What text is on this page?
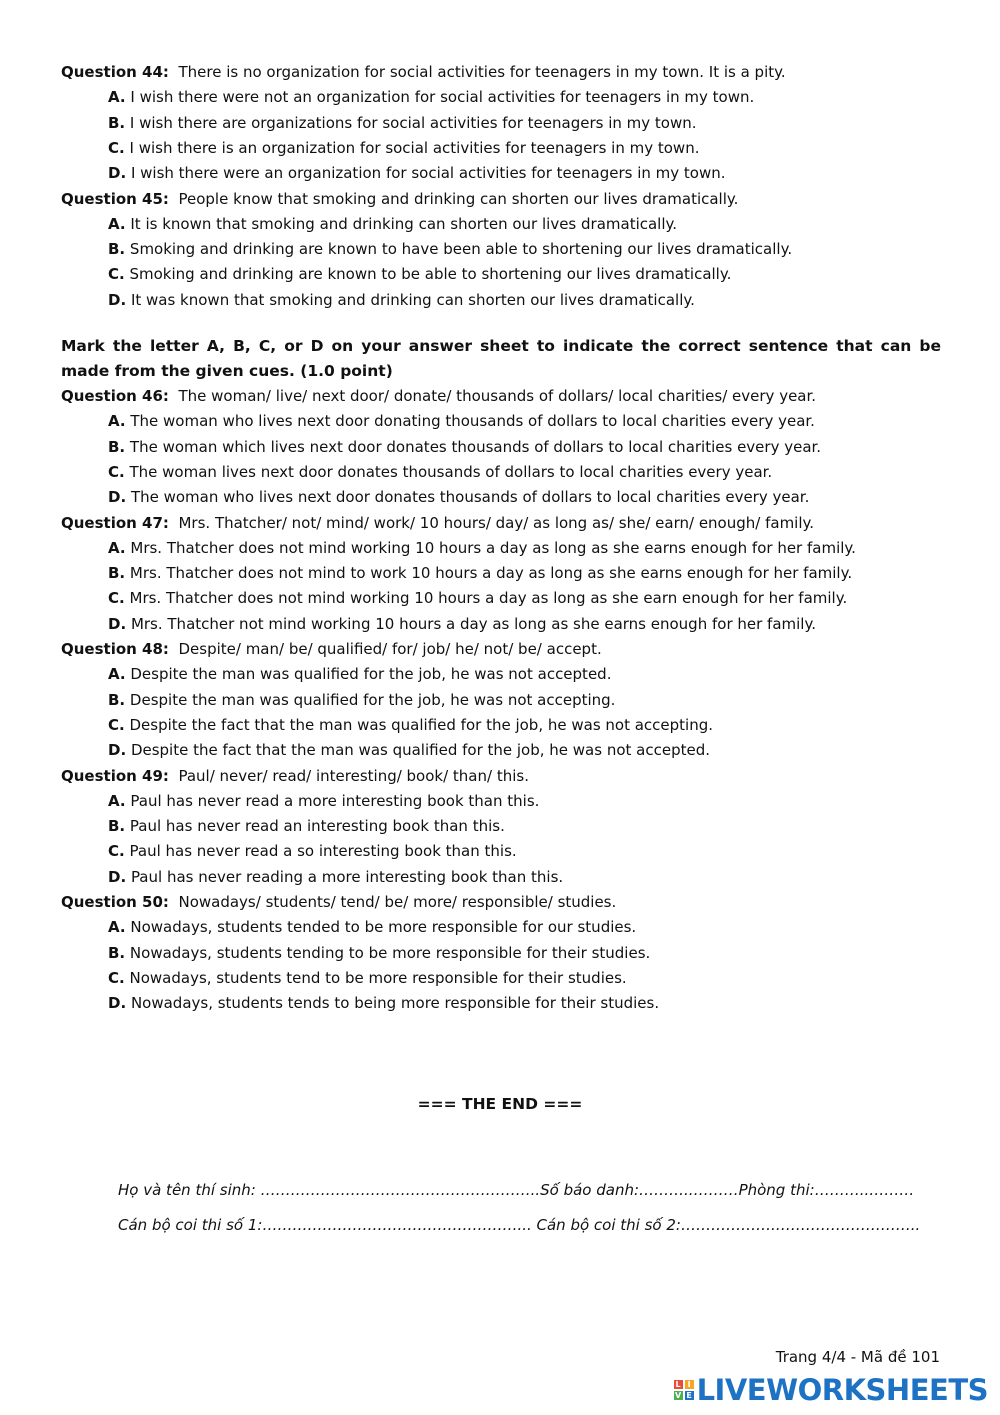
Question 44: There is no organization for social activities for teenagers in my town. It is a pity.
A. I wish there were not an organization for social activities for teenagers in my town.
B. I wish there are organizations for social activities for teenagers in my town.
C. I wish there is an organization for social activities for teenagers in my town.
D. I wish there were an organization for social activities for teenagers in my town.
Question 45: People know that smoking and drinking can shorten our lives dramatically.
A. It is known that smoking and drinking can shorten our lives dramatically.
B. Smoking and drinking are known to have been able to shortening our lives dramatically.
C. Smoking and drinking are known to be able to shortening our lives dramatically.
D. It was known that smoking and drinking can shorten our lives dramatically.
Mark the letter A, B, C, or D on your answer sheet to indicate the correct sentence that can be made from the given cues. (1.0 point)
Question 46: The woman/ live/ next door/ donate/ thousands of dollars/ local charities/ every year.
A. The woman who lives next door donating thousands of dollars to local charities every year.
B. The woman which lives next door donates thousands of dollars to local charities every year.
C. The woman lives next door donates thousands of dollars to local charities every year.
D. The woman who lives next door donates thousands of dollars to local charities every year.
Question 47: Mrs. Thatcher/ not/ mind/ work/ 10 hours/ day/ as long as/ she/ earn/ enough/ family.
A. Mrs. Thatcher does not mind working 10 hours a day as long as she earns enough for her family.
B. Mrs. Thatcher does not mind to work 10 hours a day as long as she earns enough for her family.
C. Mrs. Thatcher does not mind working 10 hours a day as long as she earn enough for her family.
D. Mrs. Thatcher not mind working 10 hours a day as long as she earns enough for her family.
Question 48: Despite/ man/ be/ qualified/ for/ job/ he/ not/ be/ accept.
A. Despite the man was qualified for the job, he was not accepted.
B. Despite the man was qualified for the job, he was not accepting.
C. Despite the fact that the man was qualified for the job, he was not accepting.
D. Despite the fact that the man was qualified for the job, he was not accepted.
Question 49: Paul/ never/ read/ interesting/ book/ than/ this.
A. Paul has never read a more interesting book than this.
B. Paul has never read an interesting book than this.
C. Paul has never read a so interesting book than this.
D. Paul has never reading a more interesting book than this.
Question 50: Nowadays/ students/ tend/ be/ more/ responsible/ studies.
A. Nowadays, students tended to be more responsible for our studies.
B. Nowadays, students tending to be more responsible for their studies.
C. Nowadays, students tend to be more responsible for their studies.
D. Nowadays, students tends to being more responsible for their studies.
=== THE END ===
Họ và tên thí sinh: ………………………………………………..Số báo danh:………..………Phòng thi:………..………
Cán bộ coi thi số 1:……………………………………………... Cán bộ coi thi số 2:……………….………………………..
Trang 4/4 - Mã đề 101
L I
V E LIVEWORKSHEETS
